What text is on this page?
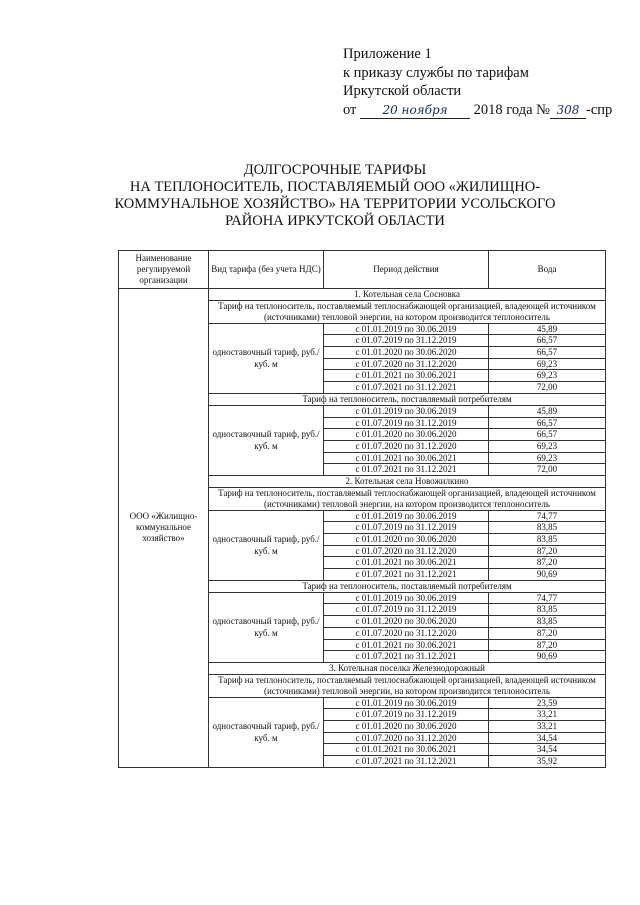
Приложение 1
к приказу службы по тарифам
Иркутской области
от 20 ноября 2018 года № 308 -спр
ДОЛГОСРОЧНЫЕ ТАРИФЫ
НА ТЕПЛОНОСИТЕЛЬ, ПОСТАВЛЯЕМЫЙ ООО «ЖИЛИЩНО-
КОММУНАЛЬНОЕ ХОЗЯЙСТВО» НА ТЕРРИТОРИИ УСОЛЬСКОГО
РАЙОНА ИРКУТСКОЙ ОБЛАСТИ
Наименование регулируемой организации	Вид тарифа (без учета НДС)	Период действия	Вода
ООО «Жилищно-коммунальное хозяйство»	1. Котельная села Сосновка		
	Тариф на теплоноситель, поставляемый теплоснабжающей организацией, владеющей источником (источниками) тепловой энергии, на котором производится теплоноситель		
	одноставочный тариф, руб./куб. м	с 01.01.2019 по 30.06.2019	45,89
		с 01.07.2019 по 31.12.2019	66,57
		с 01.01.2020 по 30.06.2020	66,57
		с 01.07.2020 по 31.12.2020	69,23
		с 01.01.2021 по 30.06.2021	69,23
		с 01.07.2021 по 31.12.2021	72,00
	Тариф на теплоноситель, поставляемый потребителям		
	одноставочный тариф, руб./куб. м	с 01.01.2019 по 30.06.2019	45,89
		с 01.07.2019 по 31.12.2019	66,57
		с 01.01.2020 по 30.06.2020	66,57
		с 01.07.2020 по 31.12.2020	69,23
		с 01.01.2021 по 30.06.2021	69,23
		с 01.07.2021 по 31.12.2021	72,00
	2. Котельная села Новожилкино		
	Тариф на теплоноситель, поставляемый теплоснабжающей организацией, владеющей источником (источниками) тепловой энергии, на котором производится теплоноситель		
	одноставочный тариф, руб./куб. м	с 01.01.2019 по 30.06.2019	74,77
		с 01.07.2019 по 31.12.2019	83,85
		с 01.01.2020 по 30.06.2020	83,85
		с 01.07.2020 по 31.12.2020	87,20
		с 01.01.2021 по 30.06.2021	87,20
		с 01.07.2021 по 31.12.2021	90,69
	Тариф на теплоноситель, поставляемый потребителям		
	одноставочный тариф, руб./куб. м	с 01.01.2019 по 30.06.2019	74,77
		с 01.07.2019 по 31.12.2019	83,85
		с 01.01.2020 по 30.06.2020	83,85
		с 01.07.2020 по 31.12.2020	87,20
		с 01.01.2021 по 30.06.2021	87,20
		с 01.07.2021 по 31.12.2021	90,69
	3. Котельная поселка Железнодорожный		
	Тариф на теплоноситель, поставляемый теплоснабжающей организацией, владеющей источником (источниками) тепловой энергии, на котором производится теплоноситель		
	одноставочный тариф, руб./куб. м	с 01.01.2019 по 30.06.2019	23,59
		с 01.07.2019 по 31.12.2019	33,21
		с 01.01.2020 по 30.06.2020	33,21
		с 01.07.2020 по 31.12.2020	34,54
		с 01.01.2021 по 30.06.2021	34,54
		с 01.07.2021 по 31.12.2021	35,92
